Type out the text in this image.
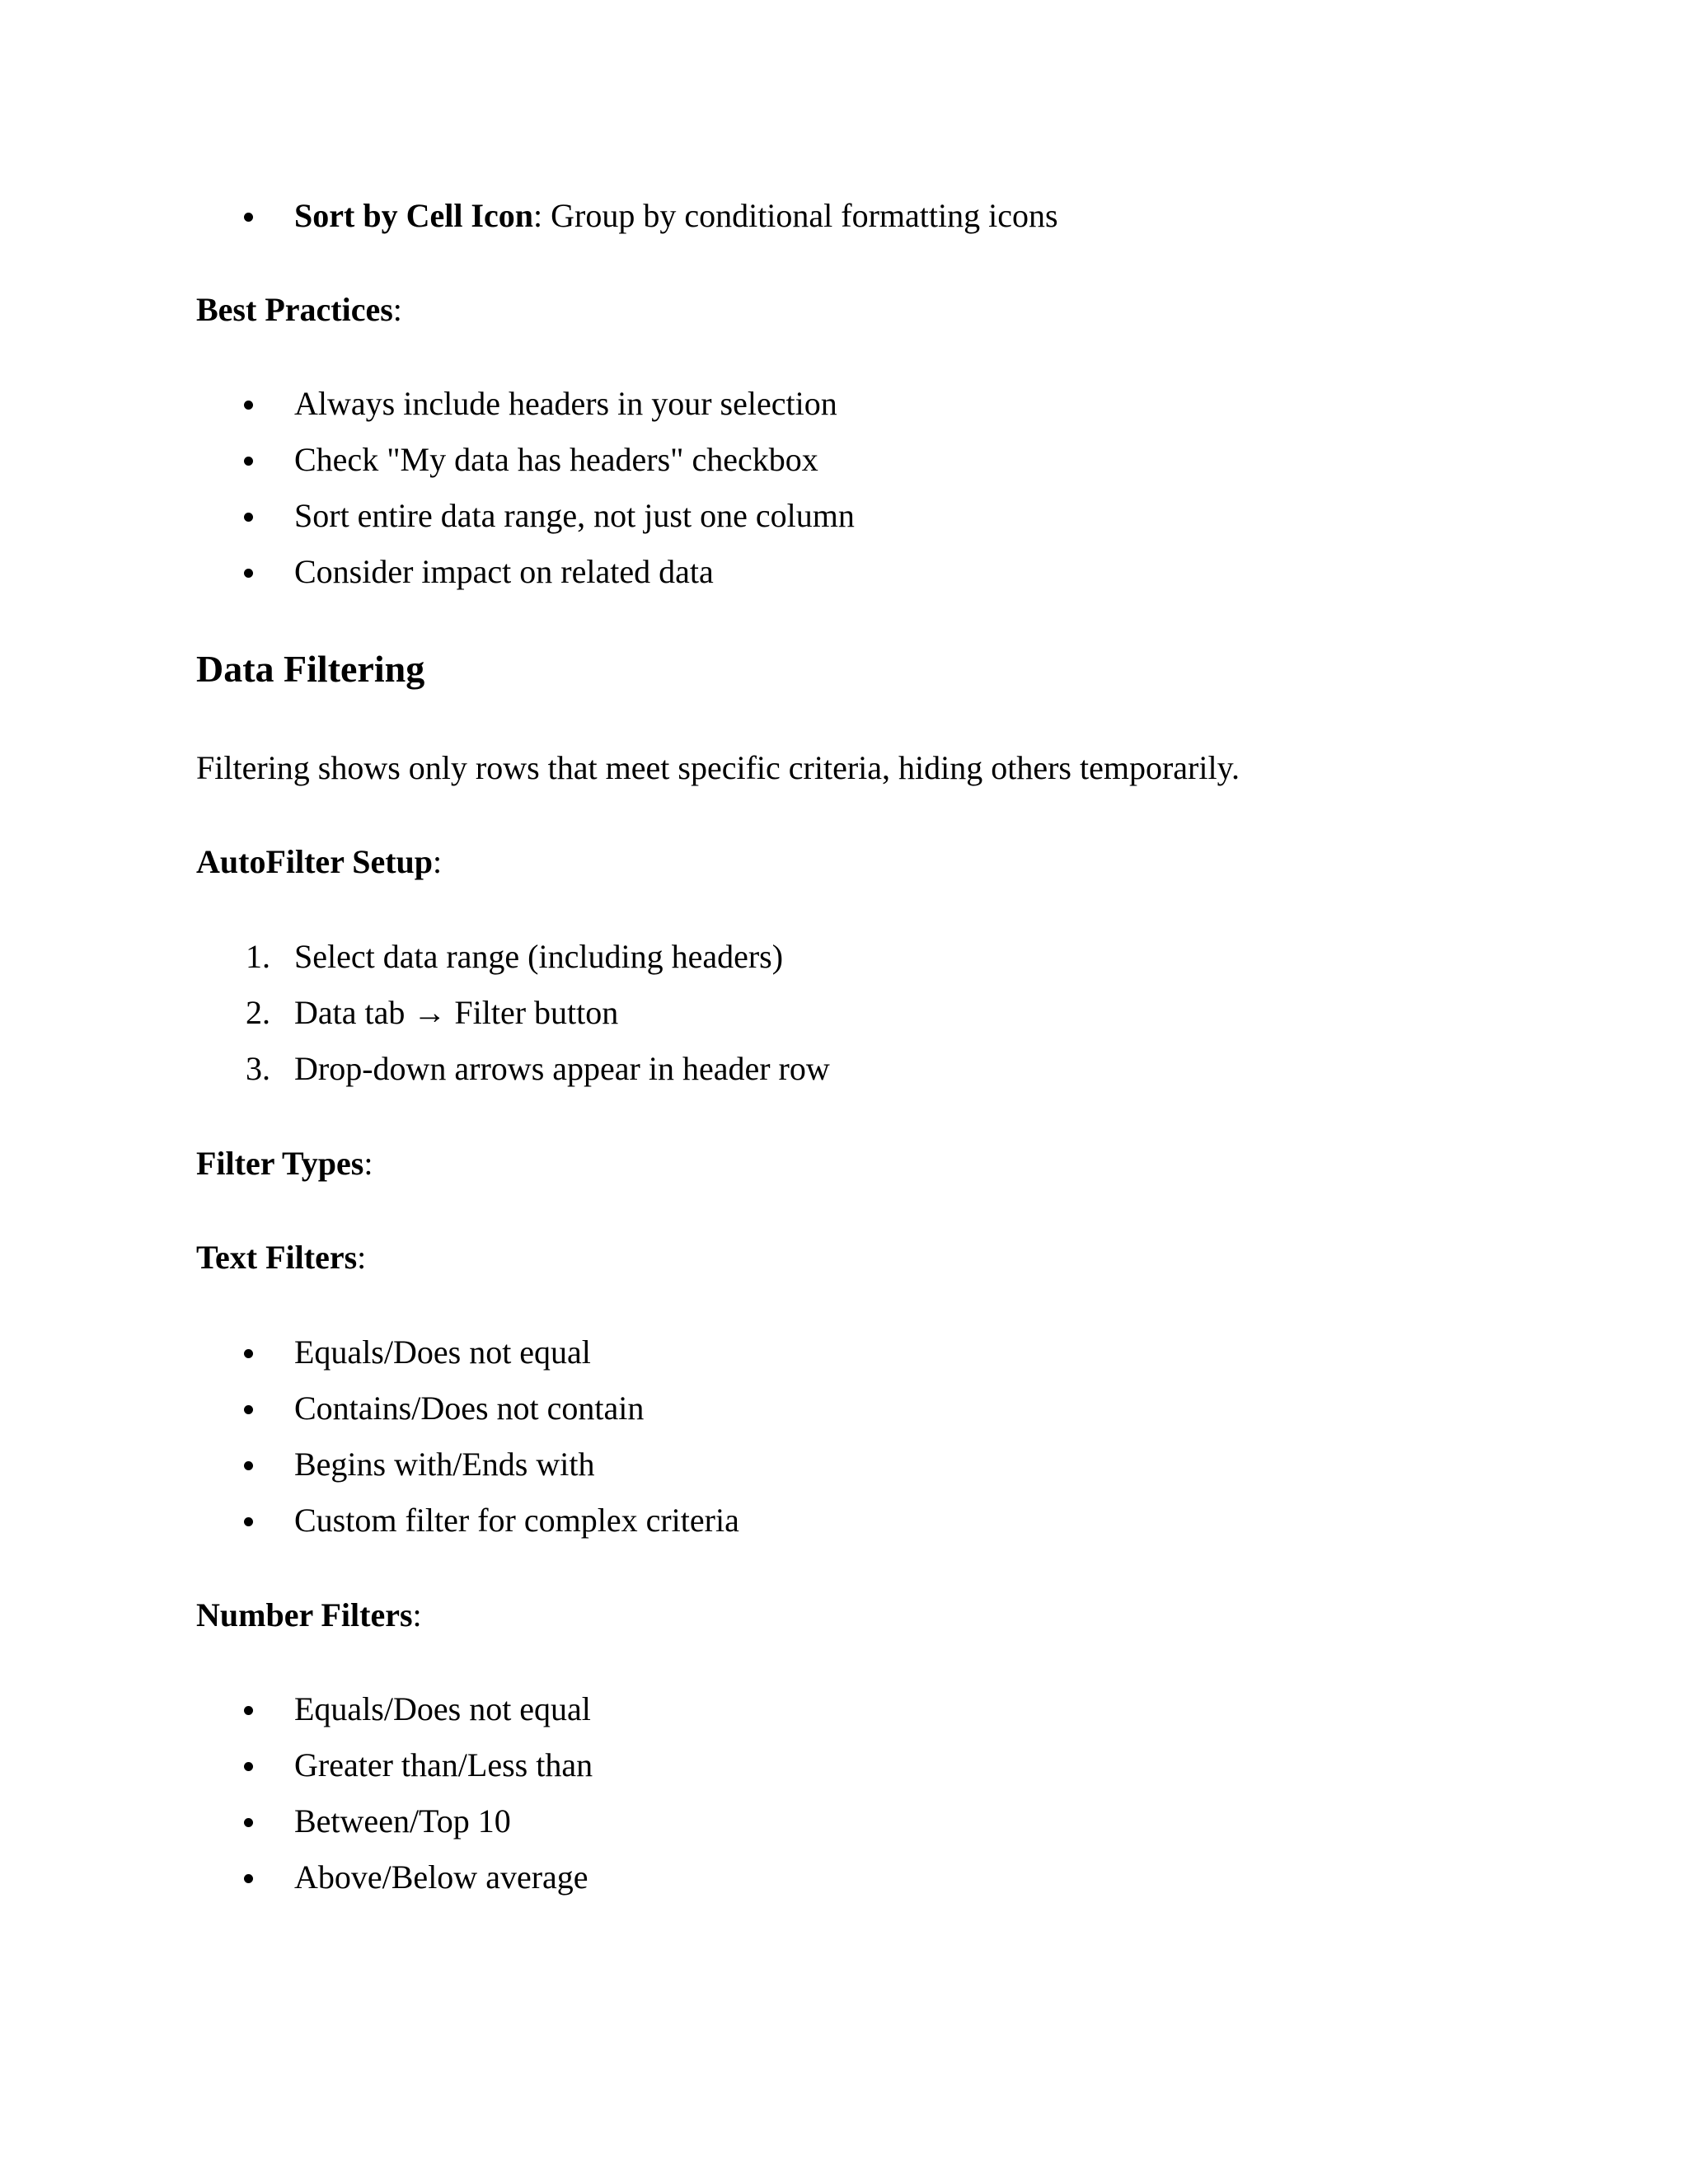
Sort by Cell Icon: Group by conditional formatting icons
Best Practices:
Always include headers in your selection
Check "My data has headers" checkbox
Sort entire data range, not just one column
Consider impact on related data
Data Filtering
Filtering shows only rows that meet specific criteria, hiding others temporarily.
AutoFilter Setup:
1. Select data range (including headers)
2. Data tab → Filter button
3. Drop-down arrows appear in header row
Filter Types:
Text Filters:
Equals/Does not equal
Contains/Does not contain
Begins with/Ends with
Custom filter for complex criteria
Number Filters:
Equals/Does not equal
Greater than/Less than
Between/Top 10
Above/Below average
